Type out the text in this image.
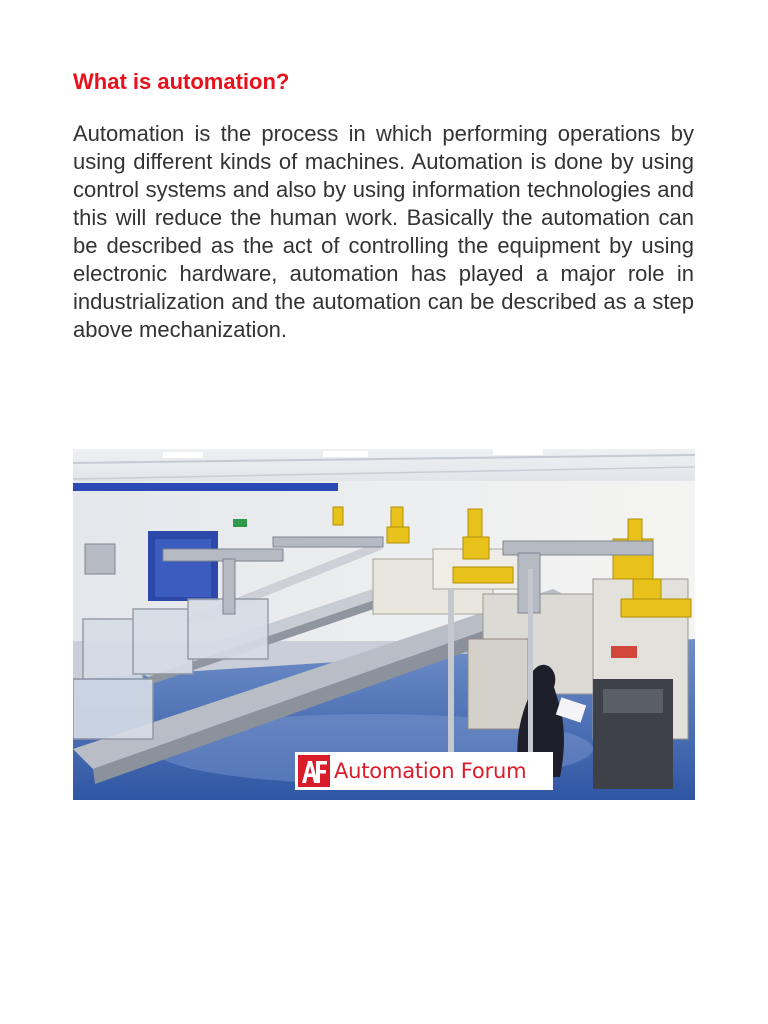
What is automation?

Automation is the process in which performing operations by using different kinds of machines. Automation is done by using control systems and also by using information technologies and this will reduce the human work. Basically the automation can be described as the act of controlling the equipment by using electronic hardware, automation has played a major role in industrialization and the automation can be described as a step above mechanization.

Automation Forum
